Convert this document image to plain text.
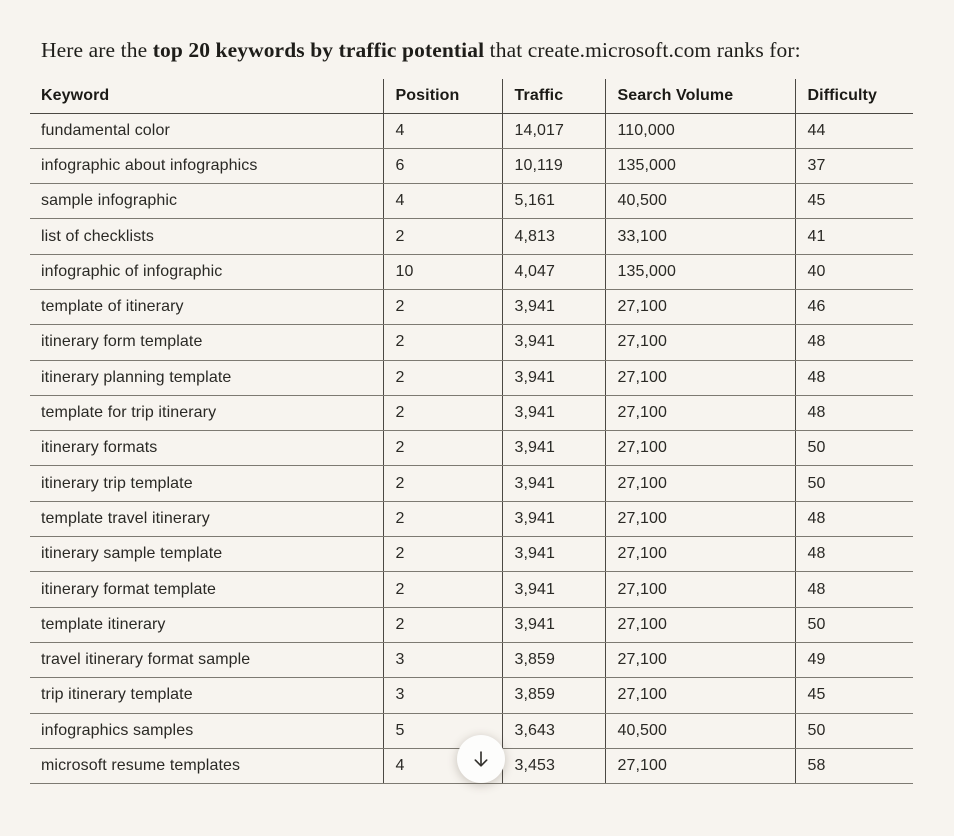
Here are the top 20 keywords by traffic potential that create.microsoft.com ranks for:

Keyword	Position	Traffic	Search Volume	Difficulty
fundamental color	4	14,017	110,000	44
infographic about infographics	6	10,119	135,000	37
sample infographic	4	5,161	40,500	45
list of checklists	2	4,813	33,100	41
infographic of infographic	10	4,047	135,000	40
template of itinerary	2	3,941	27,100	46
itinerary form template	2	3,941	27,100	48
itinerary planning template	2	3,941	27,100	48
template for trip itinerary	2	3,941	27,100	48
itinerary formats	2	3,941	27,100	50
itinerary trip template	2	3,941	27,100	50
template travel itinerary	2	3,941	27,100	48
itinerary sample template	2	3,941	27,100	48
itinerary format template	2	3,941	27,100	48
template itinerary	2	3,941	27,100	50
travel itinerary format sample	3	3,859	27,100	49
trip itinerary template	3	3,859	27,100	45
infographics samples	5	3,643	40,500	50
microsoft resume templates	4	3,453	27,100	58
